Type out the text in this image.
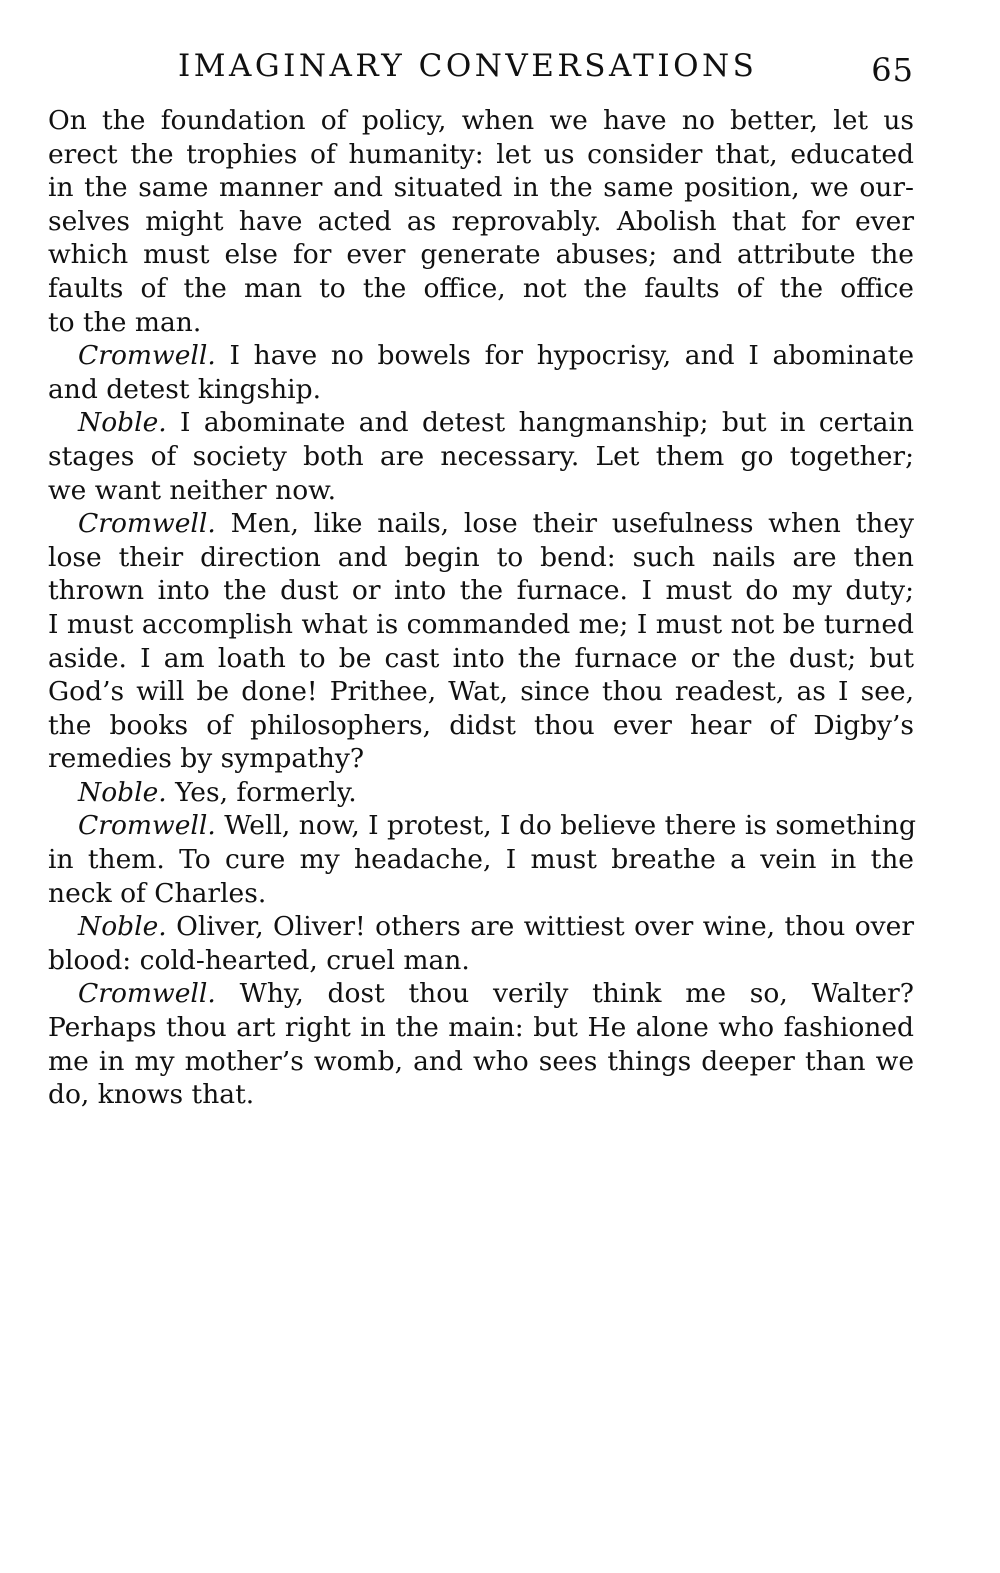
IMAGINARY CONVERSATIONS	65
On the foundation of policy, when we have no better, let us
erect the trophies of humanity: let us consider that, educated
in the same manner and situated in the same position, we our-
selves might have acted as reprovably. Abolish that for ever
which must else for ever generate abuses; and attribute the
faults of the man to the office, not the faults of the office
to the man.
Cromwell. I have no bowels for hypocrisy, and I abominate
and detest kingship.
Noble. I abominate and detest hangmanship; but in certain
stages of society both are necessary. Let them go together;
we want neither now.
Cromwell. Men, like nails, lose their usefulness when they
lose their direction and begin to bend: such nails are then
thrown into the dust or into the furnace. I must do my duty;
I must accomplish what is commanded me; I must not be turned
aside. I am loath to be cast into the furnace or the dust; but
God’s will be done! Prithee, Wat, since thou readest, as I see,
the books of philosophers, didst thou ever hear of Digby’s
remedies by sympathy?
Noble. Yes, formerly.
Cromwell. Well, now, I protest, I do believe there is something
in them. To cure my headache, I must breathe a vein in the
neck of Charles.
Noble. Oliver, Oliver! others are wittiest over wine, thou over
blood: cold-hearted, cruel man.
Cromwell. Why, dost thou verily think me so, Walter?
Perhaps thou art right in the main: but He alone who fashioned
me in my mother’s womb, and who sees things deeper than we
do, knows that.
